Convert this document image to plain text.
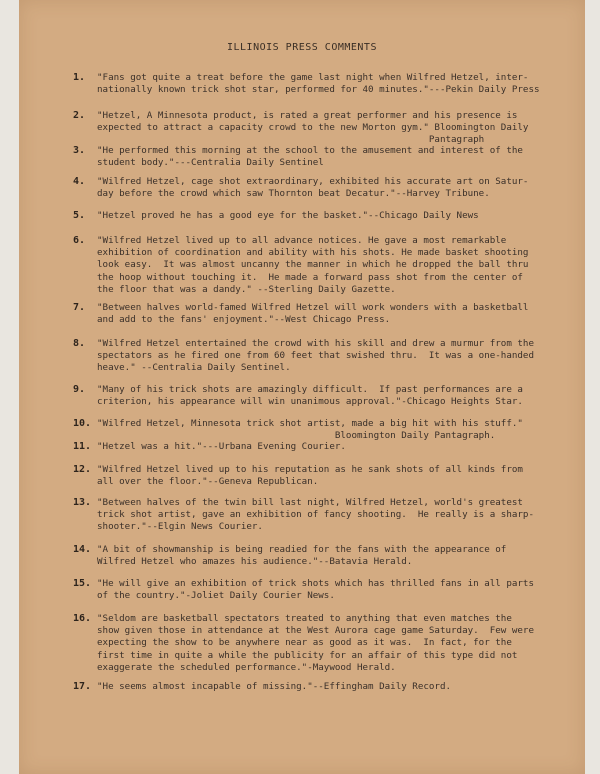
ILLINOIS PRESS COMMENTS
1.	"Fans got quite a treat before the game last night when Wilfred Hetzel, inter-
nationally known trick shot star, performed for 40 minutes."---Pekin Daily Press
2.	"Hetzel, A Minnesota product, is rated a great performer and his presence is
expected to attract a capacity crowd to the new Morton gym." Bloomington Daily
Pantagraph
3.	"He performed this morning at the school to the amusement and interest of the
student body."---Centralia Daily Sentinel
4.	"Wilfred Hetzel, cage shot extraordinary, exhibited his accurate art on Satur-
day before the crowd which saw Thornton beat Decatur."--Harvey Tribune.
5.	"Hetzel proved he has a good eye for the basket."--Chicago Daily News
6.	"Wilfred Hetzel lived up to all advance notices. He gave a most remarkable
exhibition of coordination and ability with his shots. He made basket shooting
look easy.  It was almost uncanny the manner in which he dropped the ball thru
the hoop without touching it.  He made a forward pass shot from the center of
the floor that was a dandy." --Sterling Daily Gazette.
7.	"Between halves world-famed Wilfred Hetzel will work wonders with a basketball
and add to the fans' enjoyment."--West Chicago Press.
8.	"Wilfred Hetzel entertained the crowd with his skill and drew a murmur from the
spectators as he fired one from 60 feet that swished thru.  It was a one-handed
heave." --Centralia Daily Sentinel.
9.	"Many of his trick shots are amazingly difficult.  If past performances are a
criterion, his appearance will win unanimous approval."-Chicago Heights Star.
10. "Wilfred Hetzel, Minnesota trick shot artist, made a big hit with his stuff."
Bloomington Daily Pantagraph.
11. "Hetzel was a hit."---Urbana Evening Courier.
12. "Wilfred Hetzel lived up to his reputation as he sank shots of all kinds from
all over the floor."--Geneva Republican.
13. "Between halves of the twin bill last night, Wilfred Hetzel, world's greatest
trick shot artist, gave an exhibition of fancy shooting.  He really is a sharp-
shooter."--Elgin News Courier.
14. "A bit of showmanship is being readied for the fans with the appearance of
Wilfred Hetzel who amazes his audience."--Batavia Herald.
15. "He will give an exhibition of trick shots which has thrilled fans in all parts
of the country."-Joliet Daily Courier News.
16. "Seldom are basketball spectators treated to anything that even matches the
show given those in attendance at the West Aurora cage game Saturday.  Few were
expecting the show to be anywhere near as good as it was.  In fact, for the
first time in quite a while the publicity for an affair of this type did not
exaggerate the scheduled performance."-Maywood Herald.
17. "He seems almost incapable of missing."--Effingham Daily Record.
